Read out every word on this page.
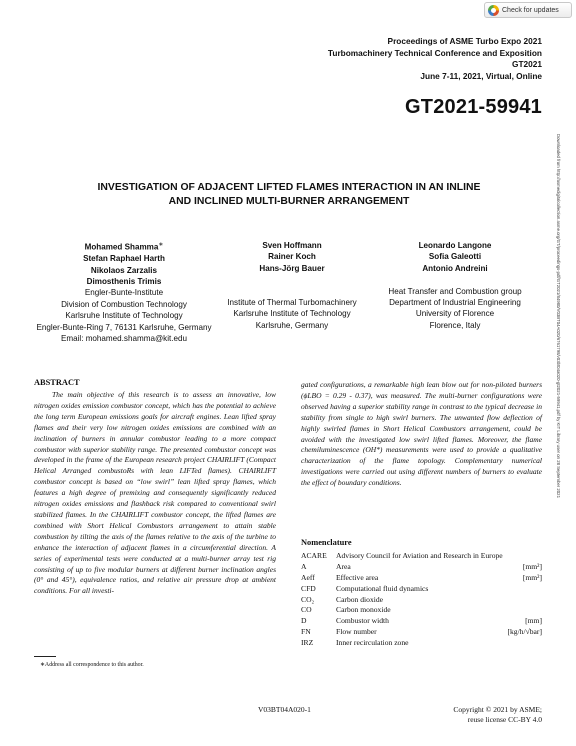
Check for updates
Proceedings of ASME Turbo Expo 2021
Turbomachinery Technical Conference and Exposition
GT2021
June 7-11, 2021, Virtual, Online
GT2021-59941
Downloaded from http://asmedigitalcollection.asme.org/GT/proceedings-pdf/GT2021/84980/V03BT04A020/6761798/v03bt04a020-gt2021-59941.pdf by KIT Library user on 28 September 2021
INVESTIGATION OF ADJACENT LIFTED FLAMES INTERACTION IN AN INLINE
AND INCLINED MULTI-BURNER ARRANGEMENT
Mohamed Shamma∗
Stefan Raphael Harth
Nikolaos Zarzalis
Dimosthenis Trimis
Engler-Bunte-Institute
Division of Combustion Technology
Karlsruhe Institute of Technology
Engler-Bunte-Ring 7, 76131 Karlsruhe, Germany
Email: mohamed.shamma@kit.edu
Sven Hoffmann
Rainer Koch
Hans-Jörg Bauer
Institute of Thermal Turbomachinery
Karlsruhe Institute of Technology
Karlsruhe, Germany
Leonardo Langone
Sofia Galeotti
Antonio Andreini
Heat Transfer and Combustion group
Department of Industrial Engineering
University of Florence
Florence, Italy
ABSTRACT
The main objective of this research is to assess an innovative, low nitrogen oxides emission combustor concept, which has the potential to achieve the long term European emissions goals for aircraft engines. Lean lifted spray flames and their very low nitrogen oxides emissions are combined with an inclination of burners in annular combustor leading to a more compact combustor with superior stability range. The presented combustor concept was developed in the frame of the European research project CHAIRLIFT (Compact Helical Arranged combustoRs with lean LIFTed flames). CHAIRLIFT combustor concept is based on “low swirl” lean lifted spray flames, which features a high degree of premixing and consequently significantly reduced nitrogen oxides emissions and flashback risk compared to conventional swirl stabilized flames. In the CHAIRLIFT combustor concept, the lifted flames are combined with Short Helical Combustors arrangement to attain stable combustion by tilting the axis of the flames relative to the axis of the turbine to enhance the interaction of adjacent flames in a circumferential direction. A series of experimental tests were conducted at a multi-burner array test rig consisting of up to five modular burners at different burner inclination angles (0° and 45°), equivalence ratios, and relative air pressure drop at ambient conditions. For all investi-
gated configurations, a remarkable high lean blow out for non-piloted burners (ϕLBO = 0.29 - 0.37), was measured. The multi-burner configurations were observed having a superior stability range in contrast to the typical decrease in stability from single to high swirl burners. The unwanted flow deflection of highly swirled flames in Short Helical Combustors arrangement, could be avoided with the investigated low swirl lifted flames. Moreover, the flame chemiluminescence (OH*) measurements were used to provide a qualitative characterization of the flame topology. Complementary numerical investigations were carried out using different numbers of burners to evaluate the effect of boundary conditions.
Nomenclature
ACARE	Advisory Council for Aviation and Research in Europe
A	Area	[mm²]
Aeff	Effective area	[mm²]
CFD	Computational fluid dynamics
CO₂	Carbon dioxide
CO	Carbon monoxide
D	Combustor width	[mm]
FN	Flow number	[kg/h/√bar]
IRZ	Inner recirculation zone
∗Address all correspondence to this author.
V03BT04A020-1	Copyright © 2021 by ASME;
reuse license CC-BY 4.0
